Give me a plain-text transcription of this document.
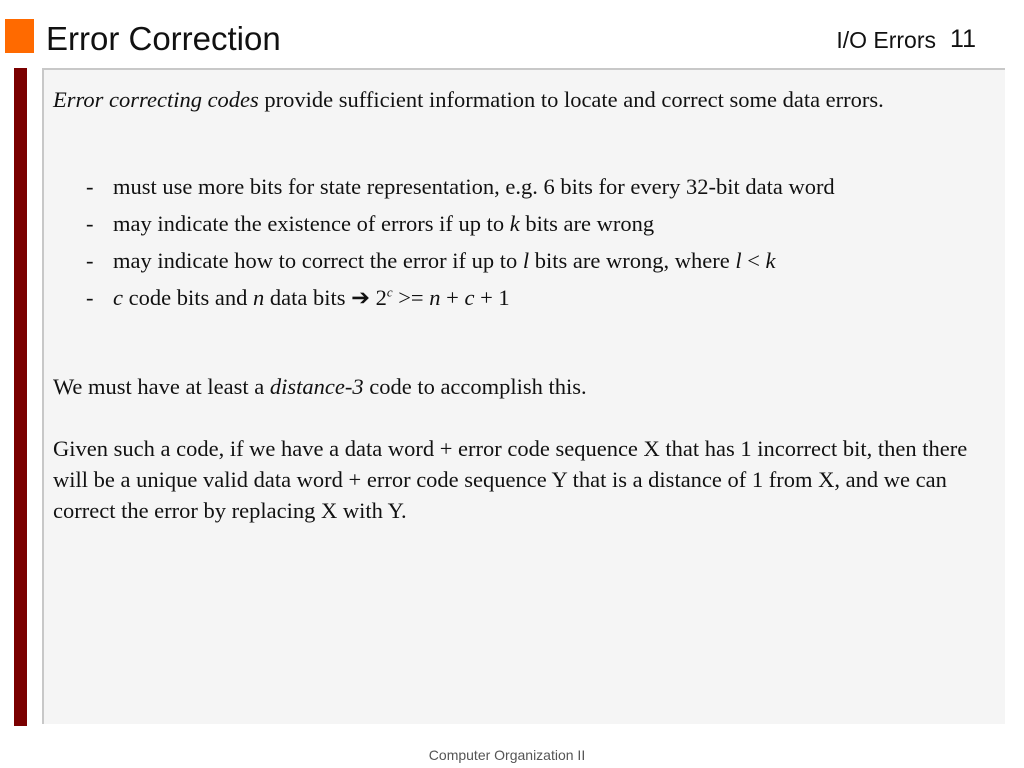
Error Correction	I/O Errors 11
Error correcting codes provide sufficient information to locate and correct some data errors.
- must use more bits for state representation, e.g. 6 bits for every 32-bit data word
- may indicate the existence of errors if up to k bits are wrong
- may indicate how to correct the error if up to l bits are wrong, where l < k
- c code bits and n data bits ➔ $2^c >= n + c + 1$
We must have at least a distance-3 code to accomplish this.
Given such a code, if we have a data word + error code sequence X that has 1 incorrect bit, then there will be a unique valid data word + error code sequence Y that is a distance of 1 from X, and we can correct the error by replacing X with Y.
Computer Organization II
